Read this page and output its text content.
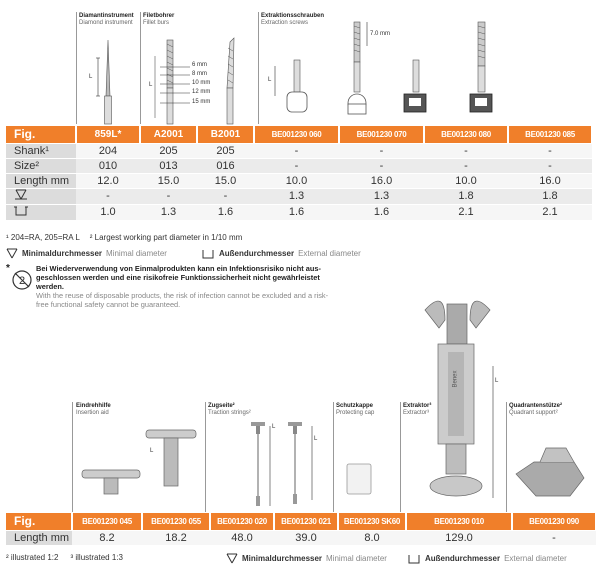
Diamantinstrument
Diamond instrument
Filetbohrer
Fillet burs
Extraktionsschrauben
Extraction screws
L
L
L
6 mm
8 mm
10 mm
12 mm
15 mm
7.0 mm
Fig.	859L*	A2001	B2001	BE001230 060	BE001230 070	BE001230 080	BE001230 085
Shank¹	204	205	205	-	-	-	-
Size²	010	013	016	-	-	-	-
Length mm	12.0	15.0	15.0	10.0	16.0	10.0	16.0
	-	-	-	1.3	1.3	1.8	1.8
	1.0	1.3	1.6	1.6	1.6	2.1	2.1
¹ 204=RA, 205=RA L ² Largest working part diameter in 1/10 mm
Minimaldurchmesser Minimal diameter	Außendurchmesser External diameter
*
2
Bei Wiederverwendung von Einmalprodukten kann ein Infektionsrisiko nicht aus-geschlossen werden und eine risikofreie Funktionssicherheit nicht gewährleistet werden.
With the reuse of disposable products, the risk of infection cannot be excluded and a risk-free functional safety cannot be guaranteed.
Eindrehhilfe
Insertion aid
Zugseite²
Traction strings²
Schutzkappe
Protecting cap
Extraktor³
Extractor³
Quadrantenstütze²
Quadrant support²
L
L
L
L
Benex
Fig.	BE001230 045	BE001230 055	BE001230 020	BE001230 021	BE001230 SK60	BE001230 010	BE001230 090
Length mm	8.2	18.2	48.0	39.0	8.0	129.0	-
² illustrated 1:2 ³ illustrated 1:3	Minimaldurchmesser Minimal diameter	Außendurchmesser External diameter
